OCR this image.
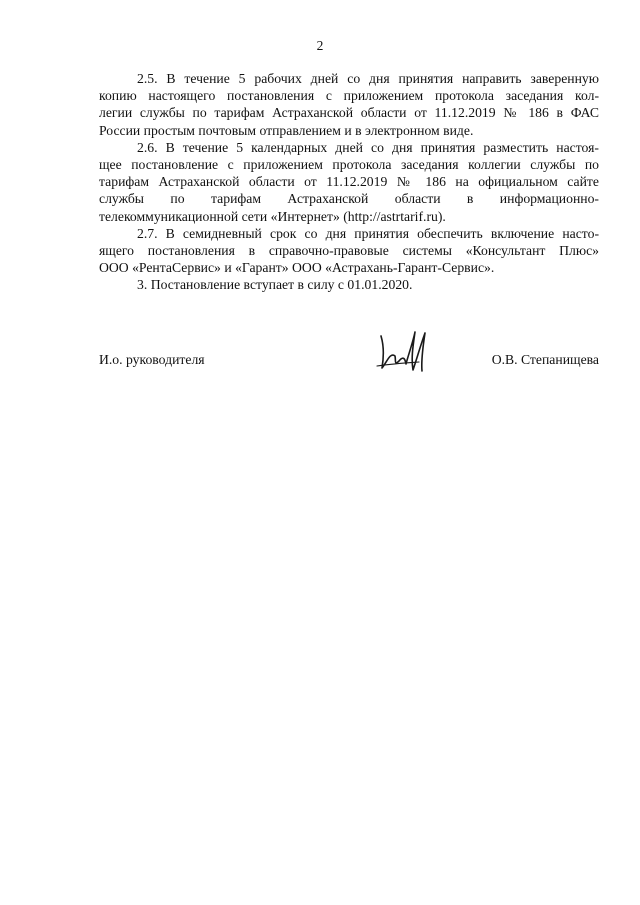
2
2.5. В течение 5 рабочих дней со дня принятия направить заверенную
копию настоящего постановления с приложением протокола заседания кол-
легии службы по тарифам Астраханской области от 11.12.2019 № 186 в ФАС
России простым почтовым отправлением и в электронном виде.
2.6. В течение 5 календарных дней со дня принятия разместить настоя-
щее постановление с приложением протокола заседания коллегии службы по
тарифам Астраханской области от 11.12.2019 № 186 на официальном сайте
службы по тарифам Астраханской области в информационно-
телекоммуникационной сети «Интернет» (http://astrtarif.ru).
2.7. В семидневный срок со дня принятия обеспечить включение насто-
ящего постановления в справочно-правовые системы «Консультант Плюс»
ООО «РентаСервис» и «Гарант» ООО «Астрахань-Гарант-Сервис».
3. Постановление вступает в силу с 01.01.2020.
И.о. руководителя	О.В. Степанищева
